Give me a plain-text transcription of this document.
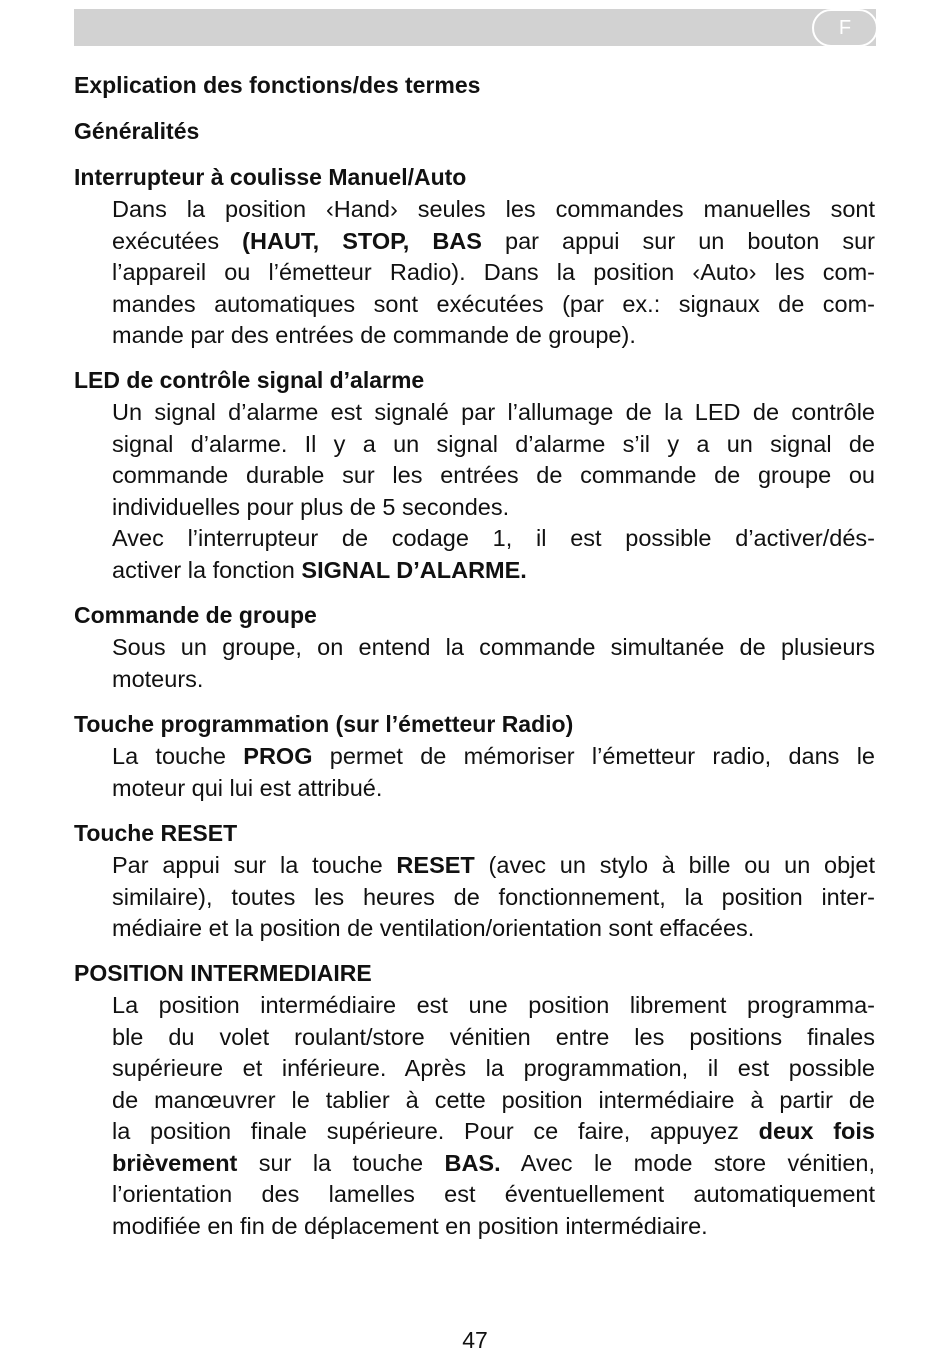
F
Explication des fonctions/des termes
Généralités
Interrupteur à coulisse Manuel/Auto
Dans la position ‹Hand› seules les commandes manuelles sont
exécutées (HAUT, STOP, BAS par appui sur un bouton sur
l’appareil ou l’émetteur Radio). Dans la position ‹Auto› les com-
mandes automatiques sont exécutées (par ex.: signaux de com-
mande par des entrées de commande de groupe).
LED de contrôle signal d’alarme
Un signal d’alarme est signalé par l’allumage de la LED de contrôle
signal d’alarme. Il y a un signal d’alarme s’il y a un signal de
commande durable sur les entrées de commande de groupe ou
individuelles pour plus de 5 secondes.
Avec l’interrupteur de codage 1, il est possible d’activer/dés-
activer la fonction SIGNAL D’ALARME.
Commande de groupe
Sous un groupe, on entend la commande simultanée de plusieurs
moteurs.
Touche programmation (sur l’émetteur Radio)
La touche PROG permet de mémoriser l’émetteur radio, dans le
moteur qui lui est attribué.
Touche RESET
Par appui sur la touche RESET (avec un stylo à bille ou un objet
similaire), toutes les heures de fonctionnement, la position inter-
médiaire et la position de ventilation/orientation sont effacées.
POSITION INTERMEDIAIRE
La position intermédiaire est une position librement programma-
ble du volet roulant/store vénitien entre les positions finales
supérieure et inférieure. Après la programmation, il est possible
de manœuvrer le tablier à cette position intermédiaire à partir de
la position finale supérieure. Pour ce faire, appuyez deux fois
brièvement sur la touche BAS. Avec le mode store vénitien,
l’orientation des lamelles est éventuellement automatiquement
modifiée en fin de déplacement en position intermédiaire.
47
